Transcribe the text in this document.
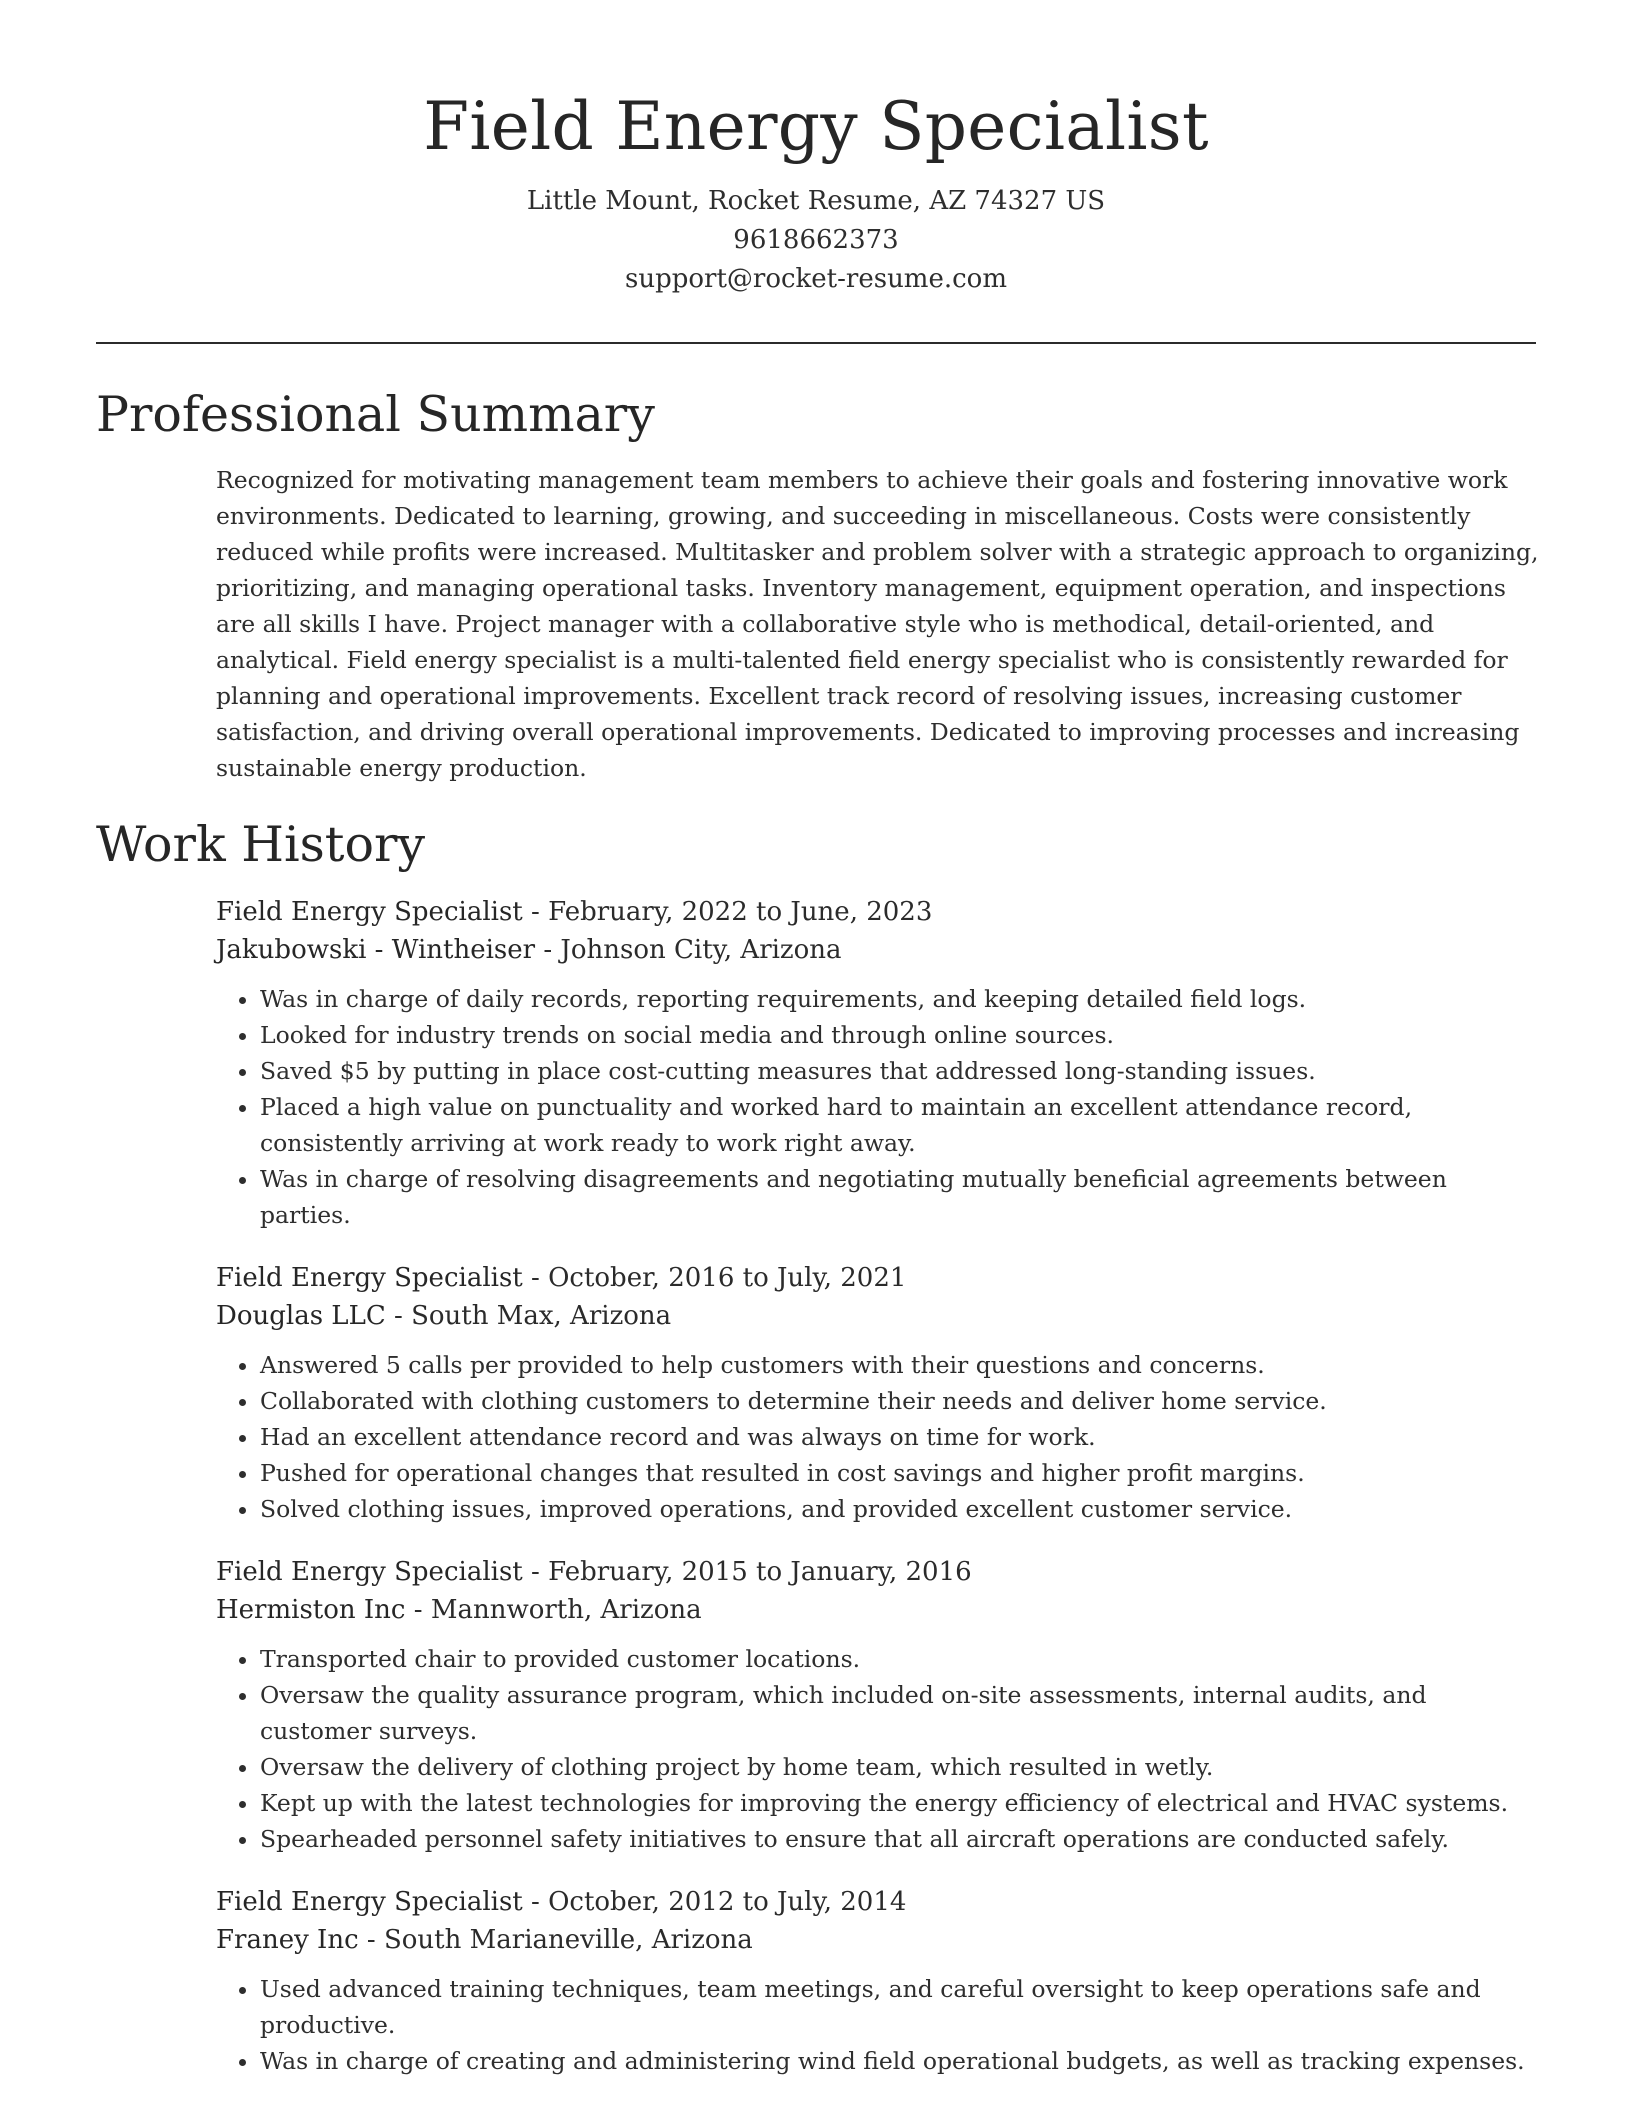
Field Energy Specialist
Little Mount, Rocket Resume, AZ 74327 US
9618662373
support@rocket-resume.com
Professional Summary

Recognized for motivating management team members to achieve their goals and fostering innovative work environments. Dedicated to learning, growing, and succeeding in miscellaneous. Costs were consistently reduced while profits were increased. Multitasker and problem solver with a strategic approach to organizing, prioritizing, and managing operational tasks. Inventory management, equipment operation, and inspections are all skills I have. Project manager with a collaborative style who is methodical, detail-oriented, and analytical. Field energy specialist is a multi-talented field energy specialist who is consistently rewarded for planning and operational improvements. Excellent track record of resolving issues, increasing customer satisfaction, and driving overall operational improvements. Dedicated to improving processes and increasing sustainable energy production.

Work History
Field Energy Specialist - February, 2022 to June, 2023
Jakubowski - Wintheiser - Johnson City, Arizona
• Was in charge of daily records, reporting requirements, and keeping detailed field logs.
• Looked for industry trends on social media and through online sources.
• Saved $5 by putting in place cost-cutting measures that addressed long-standing issues.
• Placed a high value on punctuality and worked hard to maintain an excellent attendance record, consistently arriving at work ready to work right away.
• Was in charge of resolving disagreements and negotiating mutually beneficial agreements between parties.
Field Energy Specialist - October, 2016 to July, 2021
Douglas LLC - South Max, Arizona
• Answered 5 calls per provided to help customers with their questions and concerns.
• Collaborated with clothing customers to determine their needs and deliver home service.
• Had an excellent attendance record and was always on time for work.
• Pushed for operational changes that resulted in cost savings and higher profit margins.
• Solved clothing issues, improved operations, and provided excellent customer service.
Field Energy Specialist - February, 2015 to January, 2016
Hermiston Inc - Mannworth, Arizona
• Transported chair to provided customer locations.
• Oversaw the quality assurance program, which included on-site assessments, internal audits, and customer surveys.
• Oversaw the delivery of clothing project by home team, which resulted in wetly.
• Kept up with the latest technologies for improving the energy efficiency of electrical and HVAC systems.
• Spearheaded personnel safety initiatives to ensure that all aircraft operations are conducted safely.
Field Energy Specialist - October, 2012 to July, 2014
Franey Inc - South Marianeville, Arizona
• Used advanced training techniques, team meetings, and careful oversight to keep operations safe and productive.
• Was in charge of creating and administering wind field operational budgets, as well as tracking expenses.
